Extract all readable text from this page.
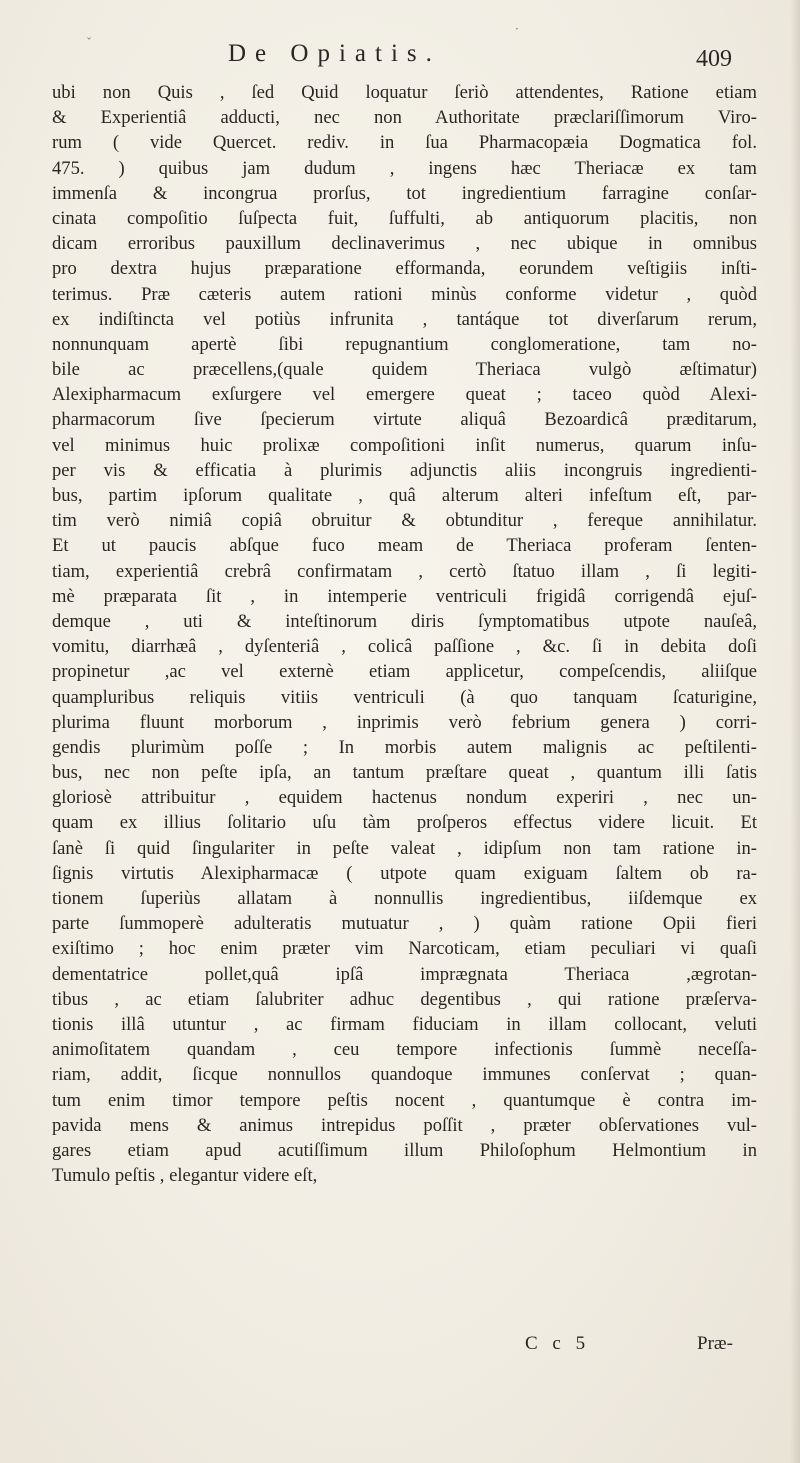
De Opiatis.	409
ubi non Quis , ſed Quid loquatur ſeriò attendentes, Ratione etiam
& Experientiâ adducti, nec non Authoritate præclariſſimorum Viro-
rum ( vide Quercet. rediv. in ſua Pharmacopæia Dogmatica fol.
475. ) quibus jam dudum , ingens hæc Theriacæ ex tam
immenſa & incongrua prorſus, tot ingredientium farragine conſar-
cinata compoſitio ſuſpecta fuit, ſuffulti, ab antiquorum placitis, non
dicam erroribus pauxillum declinaverimus , nec ubique in omnibus
pro dextra hujus præparatione efformanda, eorundem veſtigiis inſti-
terimus. Præ cæteris autem rationi minùs conforme videtur , quòd
ex indiſtincta vel potiùs infrunita , tantáque tot diverſarum rerum,
nonnunquam apertè ſibi repugnantium conglomeratione, tam no-
bile ac præcellens,(quale quidem Theriaca vulgò æſtimatur)
Alexipharmacum exſurgere vel emergere queat ; taceo quòd Alexi-
pharmacorum ſive ſpecierum virtute aliquâ Bezoardicâ præditarum,
vel minimus huic prolixæ compoſitioni inſit numerus, quarum inſu-
per vis & efficatia à plurimis adjunctis aliis incongruis ingredienti-
bus, partim ipſorum qualitate , quâ alterum alteri infeſtum eſt, par-
tim verò nimiâ copiâ obruitur & obtunditur , fereque annihilatur.
Et ut paucis abſque fuco meam de Theriaca proferam ſenten-
tiam, experientiâ crebrâ confirmatam , certò ſtatuo illam , ſi legiti-
mè præparata ſit , in intemperie ventriculi frigidâ corrigendâ ejuſ-
demque , uti & inteſtinorum diris ſymptomatibus utpote nauſeâ,
vomitu, diarrhæâ , dyſenteriâ , colicâ paſſione , &c. ſi in debita doſi
propinetur ,ac vel externè etiam applicetur, compeſcendis, aliiſque
quampluribus reliquis vitiis ventriculi (à quo tanquam ſcaturigine,
plurima fluunt morborum , inprimis verò febrium genera ) corri-
gendis plurimùm poſſe ; In morbis autem malignis ac peſtilenti-
bus, nec non peſte ipſa, an tantum præſtare queat , quantum illi ſatis
gloriosè attribuitur , equidem hactenus nondum experiri , nec un-
quam ex illius ſolitario uſu tàm proſperos effectus videre licuit. Et
ſanè ſi quid ſingulariter in peſte valeat , idipſum non tam ratione in-
ſignis virtutis Alexipharmacæ ( utpote quam exiguam ſaltem ob ra-
tionem ſuperiùs allatam à nonnullis ingredientibus, iiſdemque ex
parte ſummoperè adulteratis mutuatur , ) quàm ratione Opii fieri
exiſtimo ; hoc enim præter vim Narcoticam, etiam peculiari vi quaſi
dementatrice pollet,quâ ipſâ imprægnata Theriaca ,ægrotan-
tibus , ac etiam ſalubriter adhuc degentibus , qui ratione præſerva-
tionis illâ utuntur , ac firmam fiduciam in illam collocant, veluti
animoſitatem quandam , ceu tempore infectionis ſummè neceſſa-
riam, addit, ſicque nonnullos quandoque immunes conſervat ; quan-
tum enim timor tempore peſtis nocent , quantumque è contra im-
pavida mens & animus intrepidus poſſit , præter obſervationes vul-
gares etiam apud acutiſſimum illum Philoſophum Helmontium in
Tumulo peſtis , elegantur videre eſt,
C c 5	Præ-
·
ˇ
